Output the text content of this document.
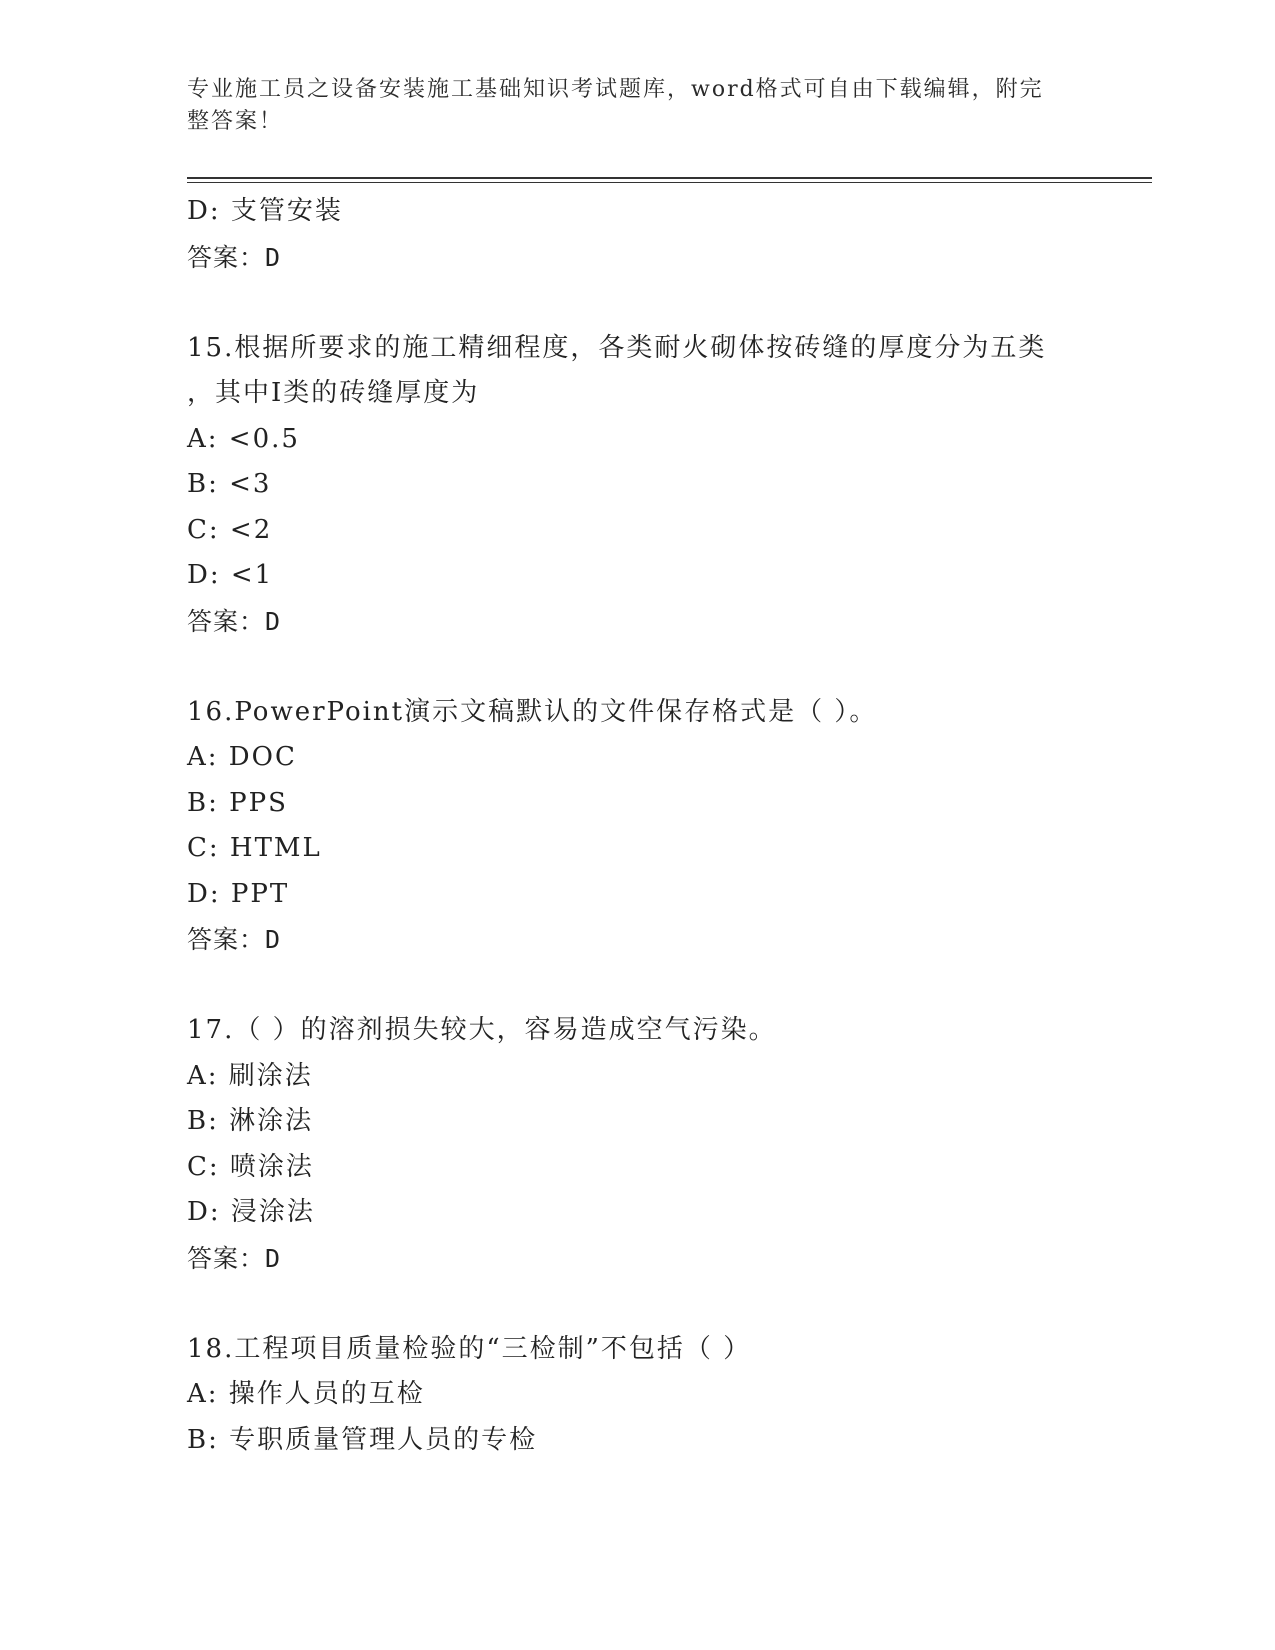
专业施工员之设备安装施工基础知识考试题库，word格式可自由下载编辑，附完
整答案！
D: 支管安装
答案：D
15.根据所要求的施工精细程度，各类耐火砌体按砖缝的厚度分为五类
，其中Ⅰ类的砖缝厚度为
A: <0.5
B: <3
C: <2
D: <1
答案：D
16.PowerPoint演示文稿默认的文件保存格式是（ ）。
A: DOC
B: PPS
C: HTML
D: PPT
答案：D
17.（ ）的溶剂损失较大，容易造成空气污染。
A: 刷涂法
B: 淋涂法
C: 喷涂法
D: 浸涂法
答案：D
18.工程项目质量检验的“三检制”不包括（ ）
A: 操作人员的互检
B: 专职质量管理人员的专检
